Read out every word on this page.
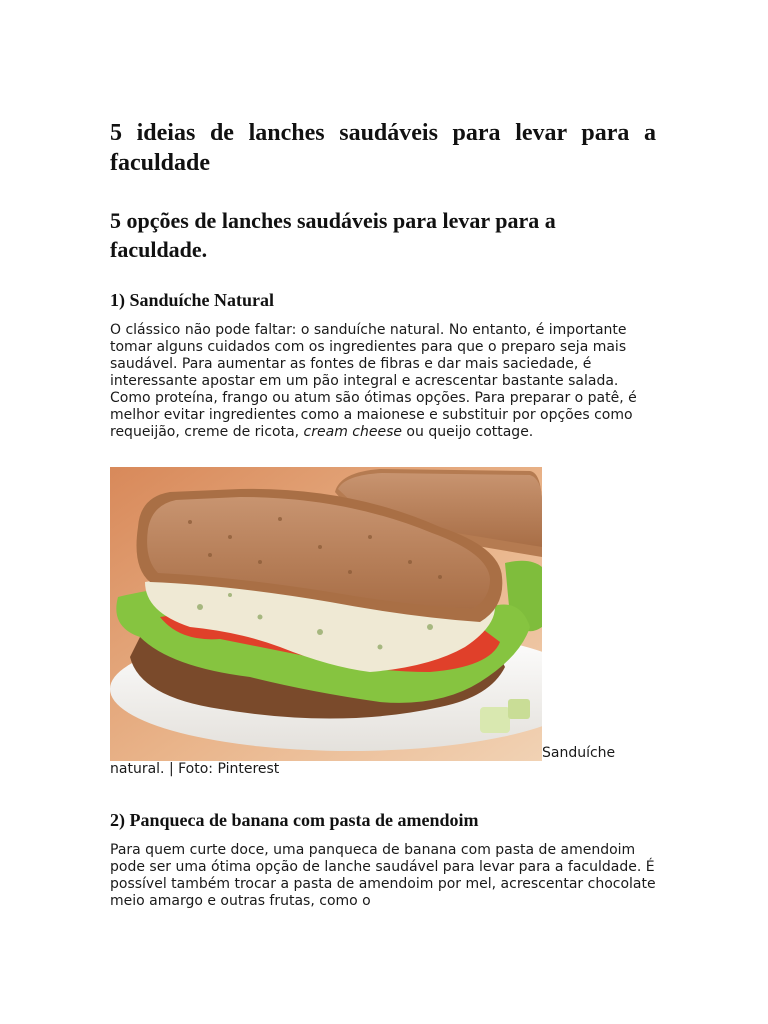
5 ideias de lanches saudáveis para levar para a faculdade
5 opções de lanches saudáveis para levar para a faculdade.
1) Sanduíche Natural

O clássico não pode faltar: o sanduíche natural. No entanto, é importante tomar alguns cuidados com os ingredientes para que o preparo seja mais saudável. Para aumentar as fontes de fibras e dar mais saciedade, é interessante apostar em um pão integral e acrescentar bastante salada. Como proteína, frango ou atum são ótimas opções. Para preparar o patê, é melhor evitar ingredientes como a maionese e substituir por opções como requeijão, creme de ricota, cream cheese ou queijo cottage.

Sanduíche
natural. | Foto: Pinterest
2) Panqueca de banana com pasta de amendoim

Para quem curte doce, uma panqueca de banana com pasta de amendoim pode ser uma ótima opção de lanche saudável para levar para a faculdade. É possível também trocar a pasta de amendoim por mel, acrescentar chocolate meio amargo e outras frutas, como o
